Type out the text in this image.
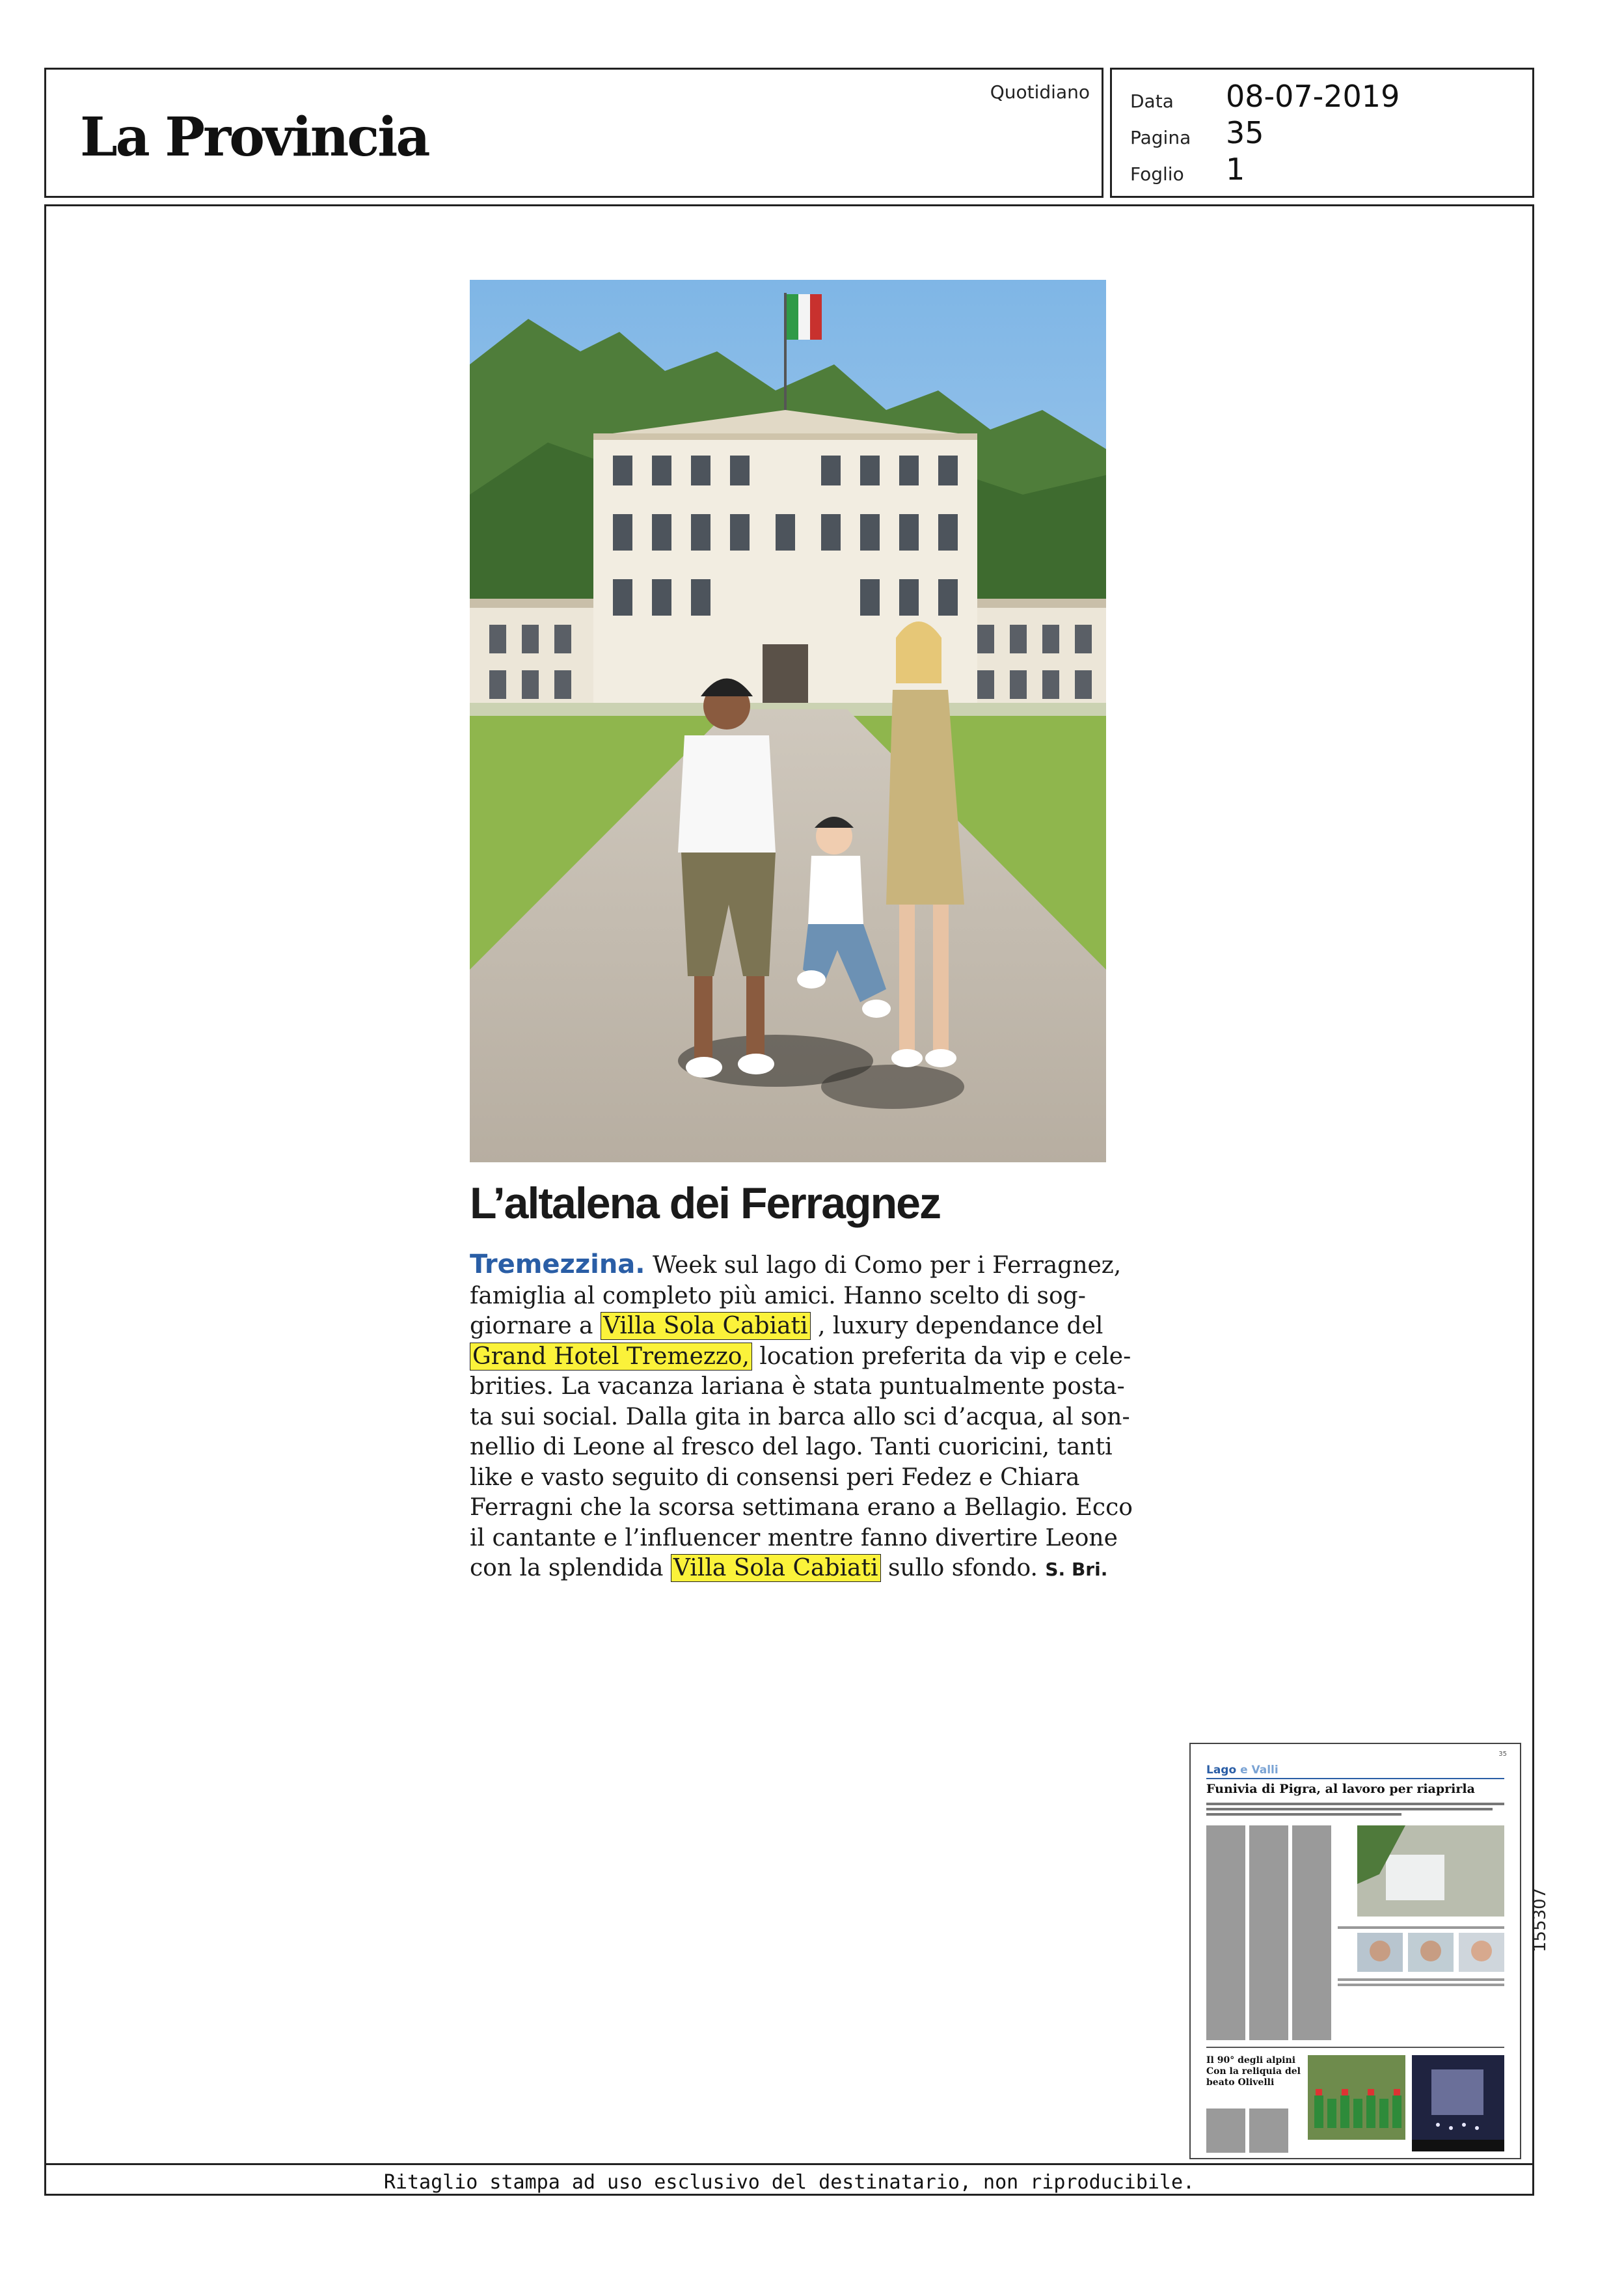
La Provincia
Quotidiano Data 08-07-2019
Pagina 35
Foglio 1
L’altalena dei Ferragnez
Tremezzina. Week sul lago di Como per i Ferragnez,
famiglia al completo più amici. Hanno scelto di sog-
giornare a Villa Sola Cabiati , luxury dependance del
Grand Hotel Tremezzo, location preferita da vip e cele-
brities. La vacanza lariana è stata puntualmente posta-
ta sui social. Dalla gita in barca allo sci d’acqua, al son-
nellio di Leone al fresco del lago. Tanti cuoricini, tanti
like e vasto seguito di consensi peri Fedez e Chiara
Ferragni che la scorsa settimana erano a Bellagio. Ecco
il cantante e l’influencer mentre fanno divertire Leone
con la splendida Villa Sola Cabiati sullo sfondo. S. Bri.
Lago e Valli
35
Funivia di Pigra, al lavoro per riaprirla
Il 90° degli alpini Con la reliquia del beato Olivelli
155307
Ritaglio stampa ad uso esclusivo del destinatario, non riproducibile.
